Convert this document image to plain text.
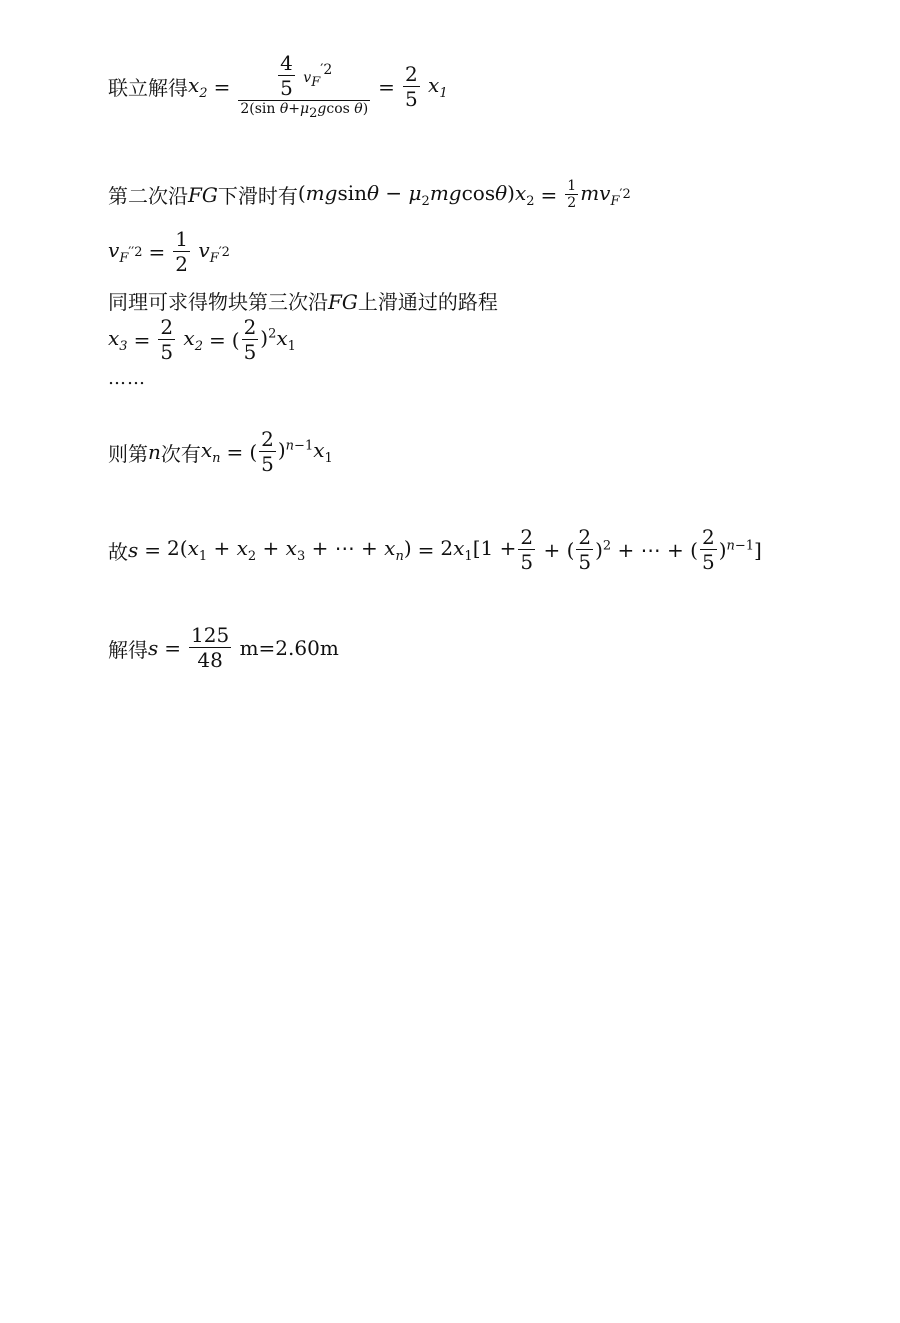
联立解得 $x_2 = \frac{\frac{4}{5} v_F^{'2}}{2(\sin \theta+\mu_2gcos \theta)} = \frac{2}{5} x_1$
第二次沿 FG 下滑时有 $(mgsin\theta - \mu_2mgcos\theta)x_2 = \frac{1}{2} mv_F$ ′2
$v_F$ $''2 = \frac{1}{2} v_F$ ′2
同理可求得物块第三次沿FG上滑通过的路程
$x_3 = \frac{2}{5} x_2$ = ( $\frac{2}{5} )^2x_1$
……
则第 n 次有 $x_n$ = ( $\frac{2}{5} )^{n-1}x_1$
故 $s = 2(x_1 + x_2 + x_3$ + ⋯ + $x_n) = 2x_1[1 + \frac{2}{5}$ + ( $\frac{2}{5} )^2$ + ⋯ + ( $\frac{2}{5} )^{n-1}$]
解得 $s = \frac{125}{48}$
m=2.60m
